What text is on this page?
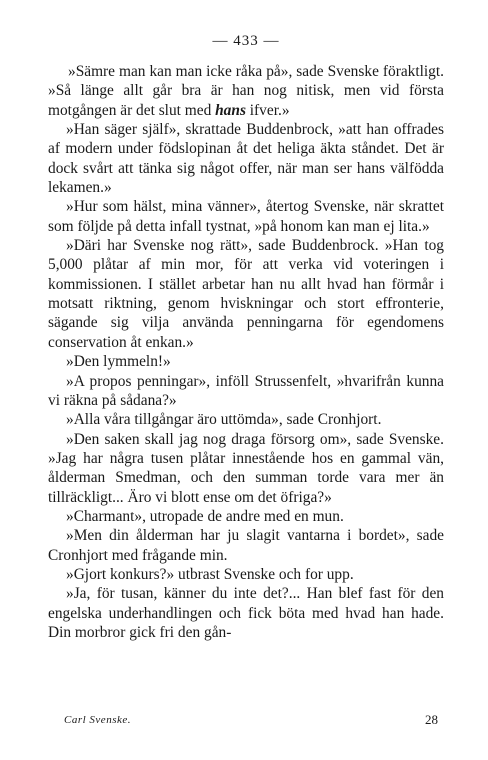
— 433 —

»Sämre man kan man icke råka på», sade Svenske föraktligt. »Så länge allt går bra är han nog nitisk, men vid första motgången är det slut med hans ifver.»

»Han säger själf», skrattade Buddenbrock, »att han offrades af modern under födslopinan åt det heliga äkta ståndet. Det är dock svårt att tänka sig något offer, när man ser hans välfödda lekamen.»

»Hur som hälst, mina vänner», återtog Svenske, när skrattet som följde på detta infall tystnat, »på honom kan man ej lita.»

»Däri har Svenske nog rätt», sade Buddenbrock. »Han tog 5,000 plåtar af min mor, för att verka vid voteringen i kommissionen. I stället arbetar han nu allt hvad han förmår i motsatt riktning, genom hviskningar och stort effronterie, sägande sig vilja använda penningarna för egendomens conservation åt enkan.»

»Den lymmeln!»

»A propos penningar», inföll Strussenfelt, »hvarifrån kunna vi räkna på sådana?»

»Alla våra tillgångar äro uttömda», sade Cronhjort.

»Den saken skall jag nog draga försorg om», sade Svenske. »Jag har några tusen plåtar innestående hos en gammal vän, ålderman Smedman, och den summan torde vara mer än tillräckligt... Äro vi blott ense om det öfriga?»

»Charmant», utropade de andre med en mun.

»Men din ålderman har ju slagit vantarna i bordet», sade Cronhjort med frågande min.

»Gjort konkurs?» utbrast Svenske och for upp.

»Ja, för tusan, känner du inte det?... Han blef fast för den engelska underhandlingen och fick böta med hvad han hade. Din morbror gick fri den gån-

Carl Svenske.	28
